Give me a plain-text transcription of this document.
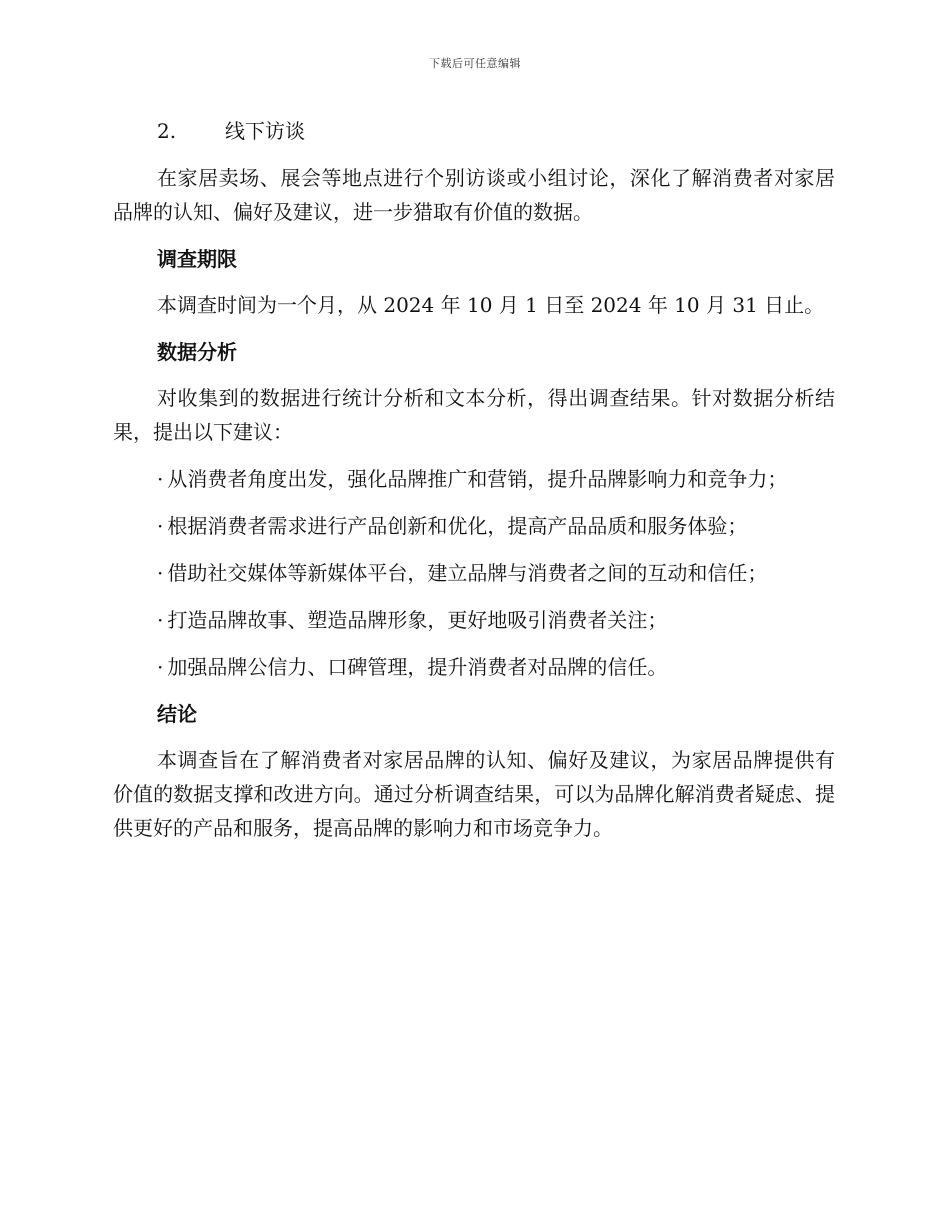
下载后可任意编辑
2. 线下访谈

在家居卖场、展会等地点进行个别访谈或小组讨论，深化了解消费者对家居品牌的认知、偏好及建议，进一步猎取有价值的数据。

调查期限

本调查时间为一个月，从 2024 年 10 月 1 日至 2024 年 10 月 31 日止。

数据分析

对收集到的数据进行统计分析和文本分析，得出调查结果。针对数据分析结果，提出以下建议：

· 从消费者角度出发，强化品牌推广和营销，提升品牌影响力和竞争力；

· 根据消费者需求进行产品创新和优化，提高产品品质和服务体验；

· 借助社交媒体等新媒体平台，建立品牌与消费者之间的互动和信任；

· 打造品牌故事、塑造品牌形象，更好地吸引消费者关注；

· 加强品牌公信力、口碑管理，提升消费者对品牌的信任。

结论

本调查旨在了解消费者对家居品牌的认知、偏好及建议，为家居品牌提供有价值的数据支撑和改进方向。通过分析调查结果，可以为品牌化解消费者疑虑、提供更好的产品和服务，提高品牌的影响力和市场竞争力。
